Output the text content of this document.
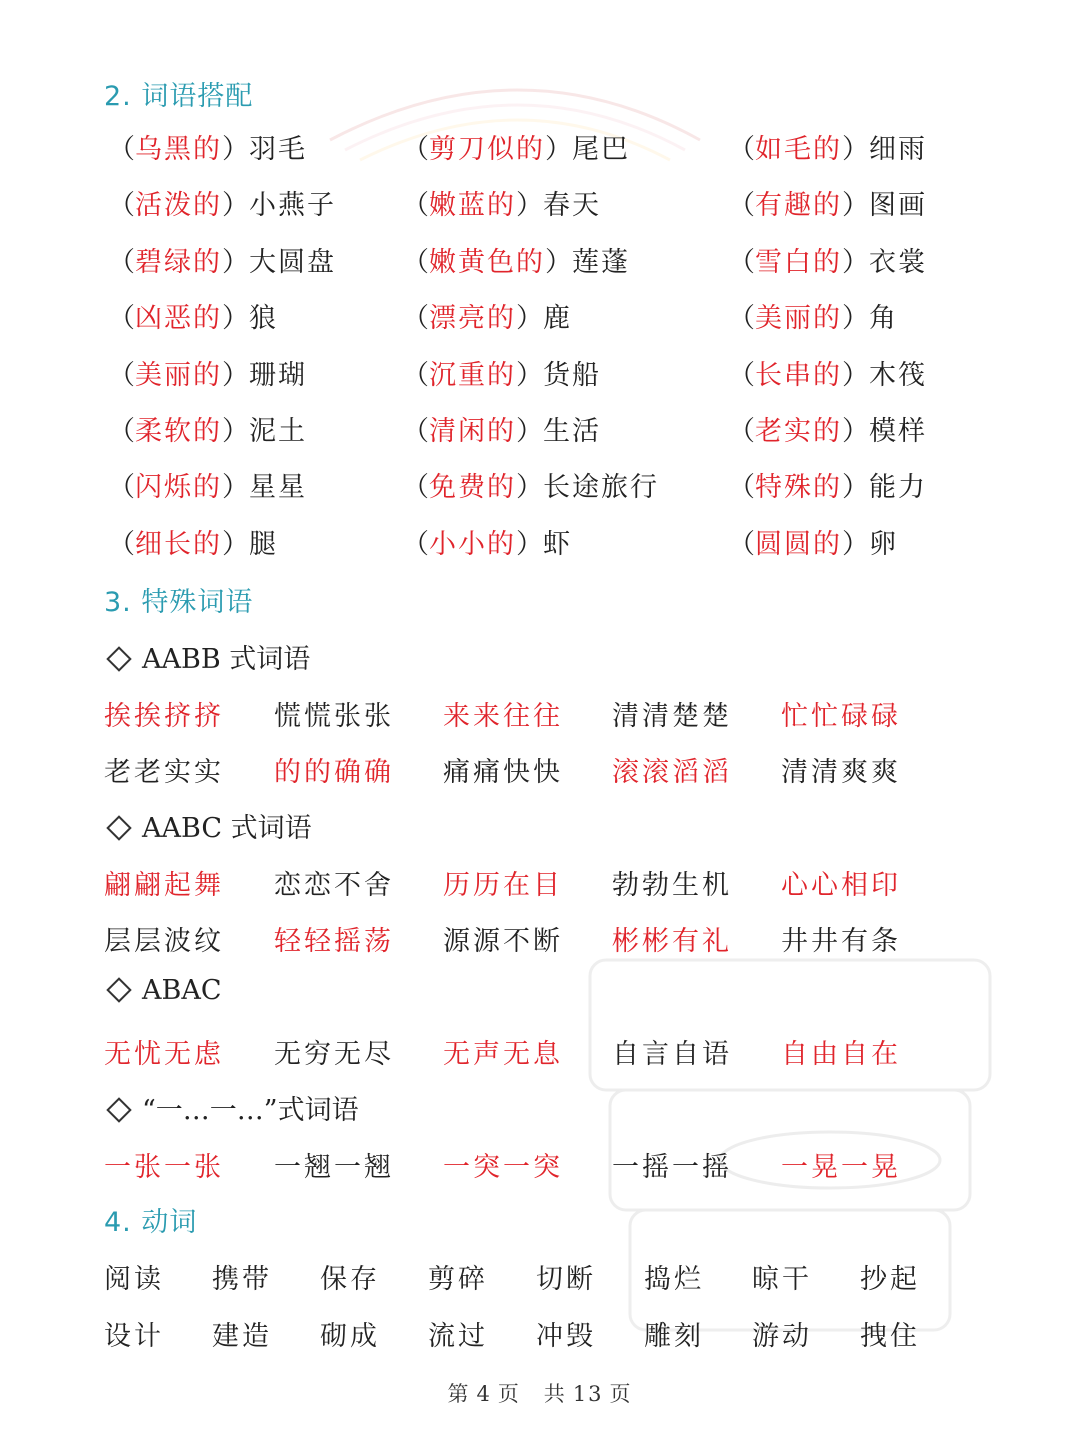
2. 词语搭配
（乌黑的）羽毛	（剪刀似的）尾巴	（如毛的）细雨
（活泼的）小燕子 （嫩蓝的）春天	（有趣的）图画
（碧绿的）大圆盘 （嫩黄色的）莲蓬	（雪白的）衣裳
（凶恶的）狼	（漂亮的）鹿	（美丽的）角
（美丽的）珊瑚	（沉重的）货船	（长串的）木筏
（柔软的）泥土	（清闲的）生活	（老实的）模样
（闪烁的）星星	（免费的）长途旅行	（特殊的）能力
（细长的）腿	（小小的）虾	（圆圆的）卵
3. 特殊词语
AABB 式词语
挨挨挤挤 慌慌张张 来来往往 清清楚楚 忙忙碌碌
老老实实 的的确确 痛痛快快 滚滚滔滔 清清爽爽
AABC 式词语
翩翩起舞 恋恋不舍 历历在目 勃勃生机 心心相印
层层波纹 轻轻摇荡 源源不断 彬彬有礼 井井有条
ABAC
无忧无虑 无穷无尽 无声无息 自言自语 自由自在
“一…一…”式词语
一张一张 一翘一翘 一突一突 一摇一摇 一晃一晃
4. 动词
阅读 携带 保存 剪碎 切断 捣烂 晾干 抄起
设计 建造 砌成 流过 冲毁 雕刻 游动 拽住
第 4 页　共 13 页
